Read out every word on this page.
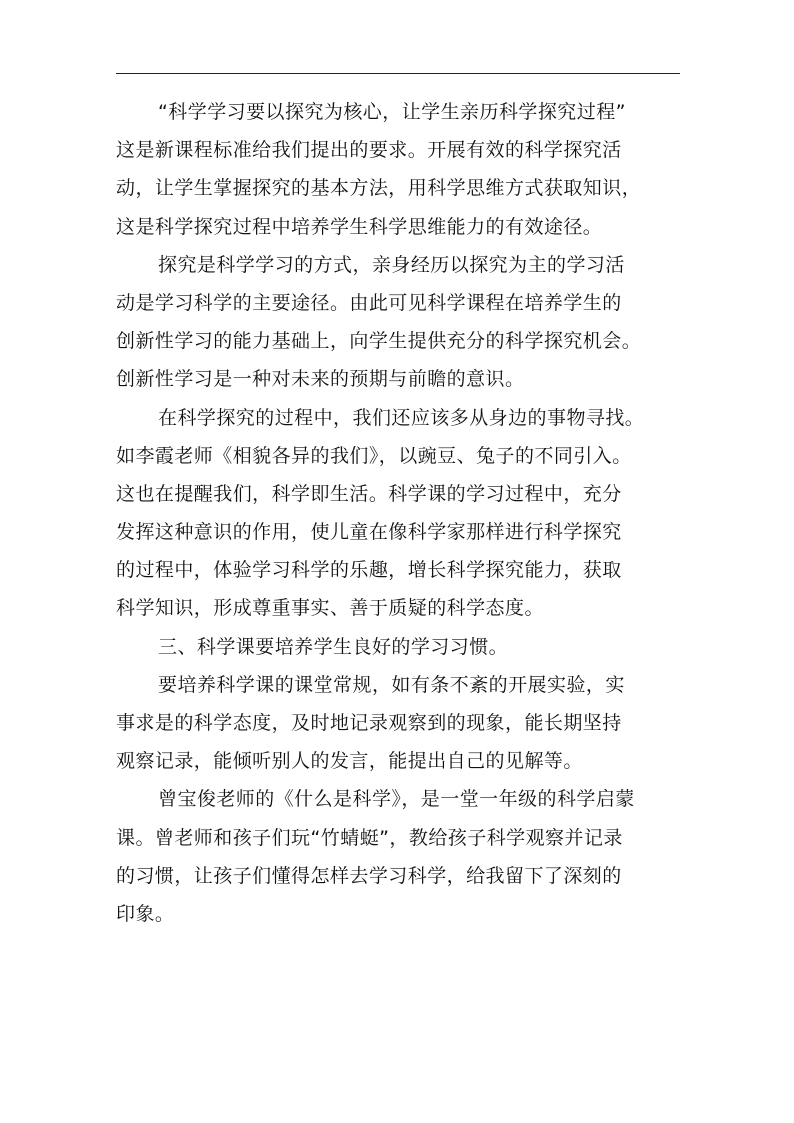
“科学学习要以探究为核心，让学生亲历科学探究过程”
这是新课程标准给我们提出的要求。开展有效的科学探究活
动，让学生掌握探究的基本方法，用科学思维方式获取知识，
这是科学探究过程中培养学生科学思维能力的有效途径。
探究是科学学习的方式，亲身经历以探究为主的学习活
动是学习科学的主要途径。由此可见科学课程在培养学生的
创新性学习的能力基础上，向学生提供充分的科学探究机会。
创新性学习是一种对未来的预期与前瞻的意识。
在科学探究的过程中，我们还应该多从身边的事物寻找。
如李霞老师《相貌各异的我们》，以豌豆、兔子的不同引入。
这也在提醒我们，科学即生活。科学课的学习过程中，充分
发挥这种意识的作用，使儿童在像科学家那样进行科学探究
的过程中，体验学习科学的乐趣，增长科学探究能力，获取
科学知识，形成尊重事实、善于质疑的科学态度。
三、科学课要培养学生良好的学习习惯。
要培养科学课的课堂常规，如有条不紊的开展实验，实
事求是的科学态度，及时地记录观察到的现象，能长期坚持
观察记录，能倾听别人的发言，能提出自己的见解等。
曾宝俊老师的《什么是科学》，是一堂一年级的科学启蒙
课。曾老师和孩子们玩“竹蜻蜓”，教给孩子科学观察并记录
的习惯，让孩子们懂得怎样去学习科学，给我留下了深刻的
印象。
